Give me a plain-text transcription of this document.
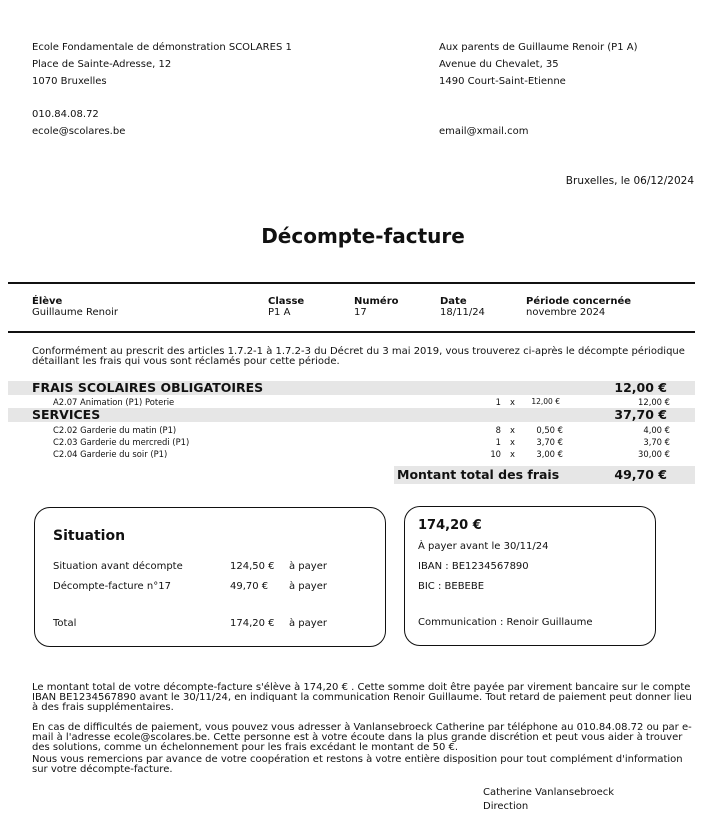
Ecole Fondamentale de démonstration SCOLARES 1
Place de Sainte-Adresse, 12
1070 Bruxelles
010.84.08.72
ecole@scolares.be
Aux parents de Guillaume Renoir (P1 A)
Avenue du Chevalet, 35
1490 Court-Saint-Etienne
email@xmail.com
Bruxelles, le 06/12/2024
Décompte-facture
Élève
Guillaume Renoir
Classe
P1 A
Numéro
17
Date
18/11/24
Période concernée
novembre 2024
Conformément au prescrit des articles 1.7.2-1 à 1.7.2-3 du Décret du 3 mai 2019, vous trouverez ci-après le décompte périodique détaillant les frais qui vous sont réclamés pour cette période.
FRAIS SCOLAIRES OBLIGATOIRES	12,00 €
A2.07 Animation (P1) Poterie	1 x	12,00 €	12,00 €
SERVICES	37,70 €
C2.02 Garderie du matin (P1)	8 x	0,50 €	4,00 €
C2.03 Garderie du mercredi (P1)	1 x	3,70 €	3,70 €
C2.04 Garderie du soir (P1)	10 x	3,00 €	30,00 €
Montant total des frais	49,70 €
Situation
Situation avant décompte	124,50 € à payer
Décompte-facture n°17	49,70 € à payer
Total	174,20 € à payer
174,20 €
À payer avant le 30/11/24
IBAN : BE1234567890
BIC : BEBEBE
Communication : Renoir Guillaume
Le montant total de votre décompte-facture s'élève à 174,20 € . Cette somme doit être payée par virement bancaire sur le compte IBAN BE1234567890 avant le 30/11/24, en indiquant la communication Renoir Guillaume. Tout retard de paiement peut donner lieu à des frais supplémentaires.
En cas de difficultés de paiement, vous pouvez vous adresser à Vanlansebroeck Catherine par téléphone au 010.84.08.72 ou par e-mail à l'adresse ecole@scolares.be. Cette personne est à votre écoute dans la plus grande discrétion et peut vous aider à trouver des solutions, comme un échelonnement pour les frais excédant le montant de 50 €.
Nous vous remercions par avance de votre coopération et restons à votre entière disposition pour tout complément d'information sur votre décompte-facture.
Catherine Vanlansebroeck
Direction
